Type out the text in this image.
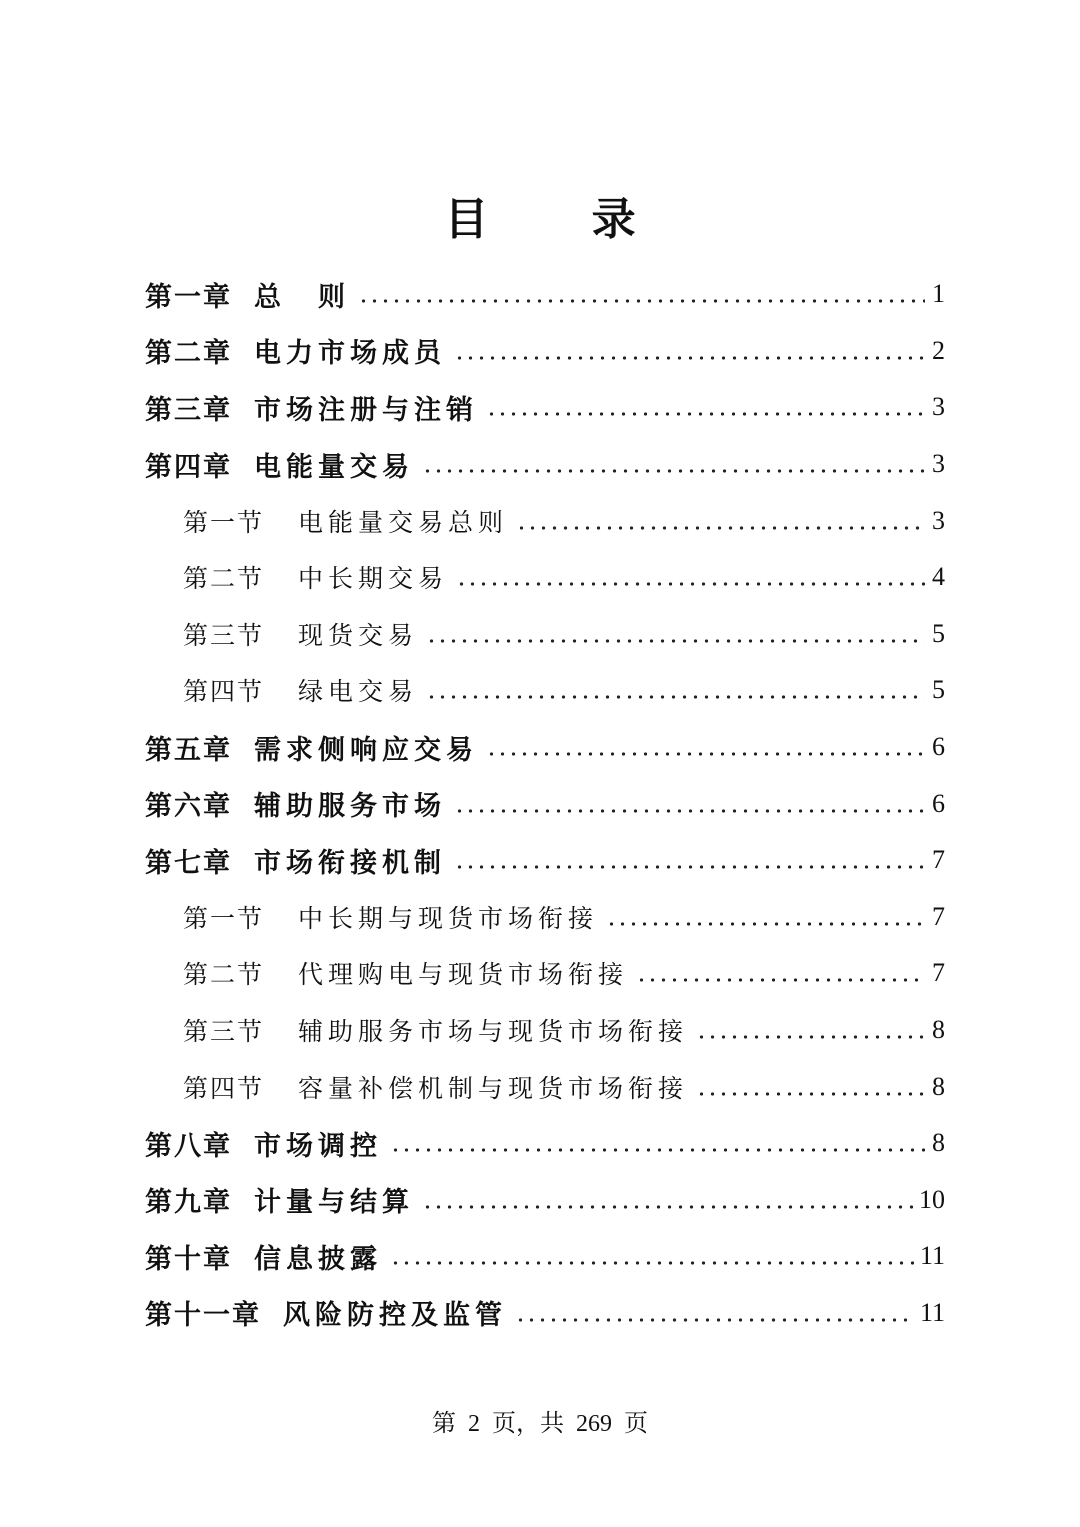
目 录
第一章 总　则	1
第二章 电力市场成员	2
第三章 市场注册与注销	3
第四章 电能量交易	3
第一节 电能量交易总则	3
第二节 中长期交易	4
第三节 现货交易	5
第四节 绿电交易	5
第五章 需求侧响应交易	6
第六章 辅助服务市场	6
第七章 市场衔接机制	7
第一节 中长期与现货市场衔接	7
第二节 代理购电与现货市场衔接	7
第三节 辅助服务市场与现货市场衔接	8
第四节 容量补偿机制与现货市场衔接	8
第八章 市场调控	8
第九章 计量与结算	10
第十章 信息披露	11
第十一章 风险防控及监管	11
第 2 页，共 269 页
